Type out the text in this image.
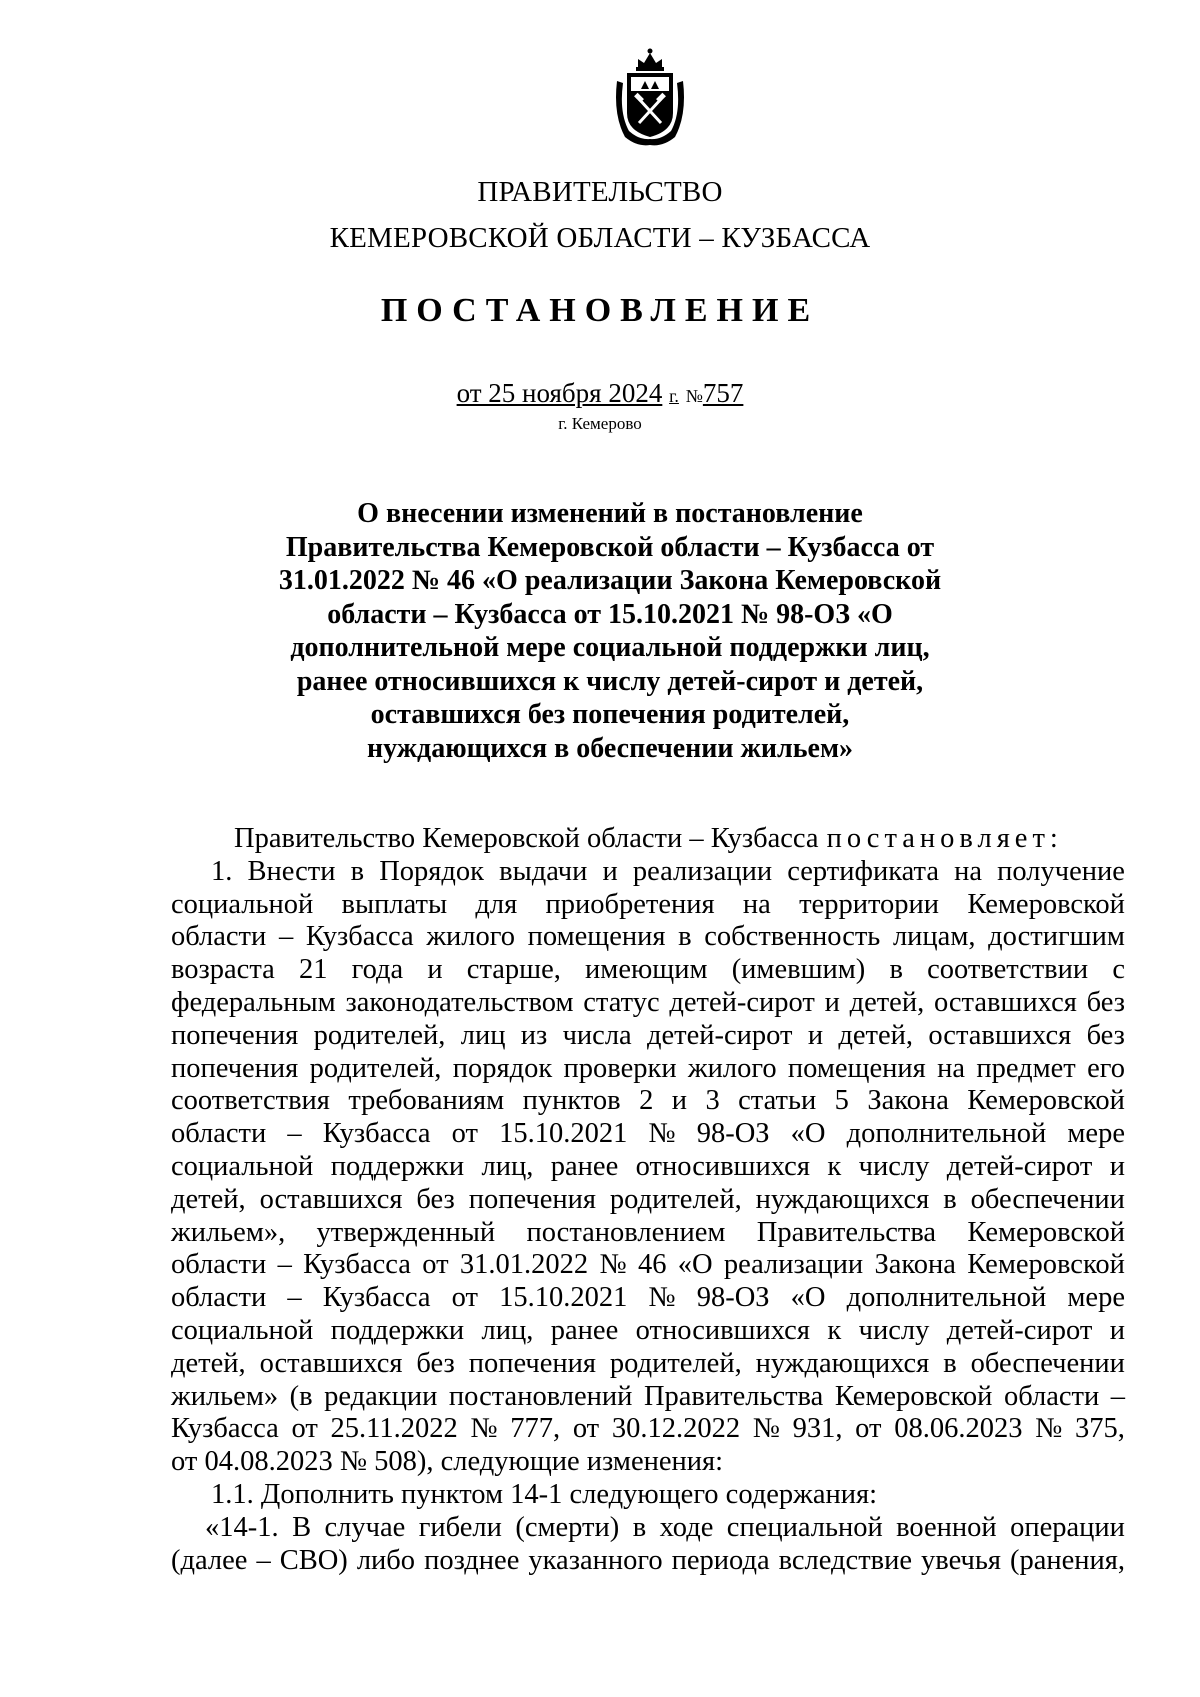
ПРАВИТЕЛЬСТВО
КЕМЕРОВСКОЙ ОБЛАСТИ – КУЗБАССА
ПОСТАНОВЛЕНИЕ
от 25 ноября 2024 г. №757
г. Кемерово
О внесении изменений в постановление
Правительства Кемеровской области – Кузбасса от
31.01.2022 № 46 «О реализации Закона Кемеровской
области – Кузбасса от 15.10.2021 № 98-ОЗ «О
дополнительной мере социальной поддержки лиц,
ранее относившихся к числу детей-сирот и детей,
оставшихся без попечения родителей,
нуждающихся в обеспечении жильем»
Правительство Кемеровской области – Кузбасса постановляет:
1. Внести в Порядок выдачи и реализации сертификата на получение
социальной выплаты для приобретения на территории Кемеровской
области – Кузбасса жилого помещения в собственность лицам, достигшим
возраста 21 года и старше, имеющим (имевшим) в соответствии с
федеральным законодательством статус детей-сирот и детей, оставшихся без
попечения родителей, лиц из числа детей-сирот и детей, оставшихся без
попечения родителей, порядок проверки жилого помещения на предмет его
соответствия требованиям пунктов 2 и 3 статьи 5 Закона Кемеровской
области – Кузбасса от 15.10.2021 № 98-ОЗ «О дополнительной мере
социальной поддержки лиц, ранее относившихся к числу детей-сирот и
детей, оставшихся без попечения родителей, нуждающихся в обеспечении
жильем», утвержденный постановлением Правительства Кемеровской
области – Кузбасса от 31.01.2022 № 46 «О реализации Закона Кемеровской
области – Кузбасса от 15.10.2021 № 98-ОЗ «О дополнительной мере
социальной поддержки лиц, ранее относившихся к числу детей-сирот и
детей, оставшихся без попечения родителей, нуждающихся в обеспечении
жильем» (в редакции постановлений Правительства Кемеровской области –
Кузбасса от 25.11.2022 № 777, от 30.12.2022 № 931, от 08.06.2023 № 375,
от 04.08.2023 № 508), следующие изменения:
1.1. Дополнить пунктом 14-1 следующего содержания:
«14-1. В случае гибели (смерти) в ходе специальной военной операции
(далее – СВО) либо позднее указанного периода вследствие увечья (ранения,
